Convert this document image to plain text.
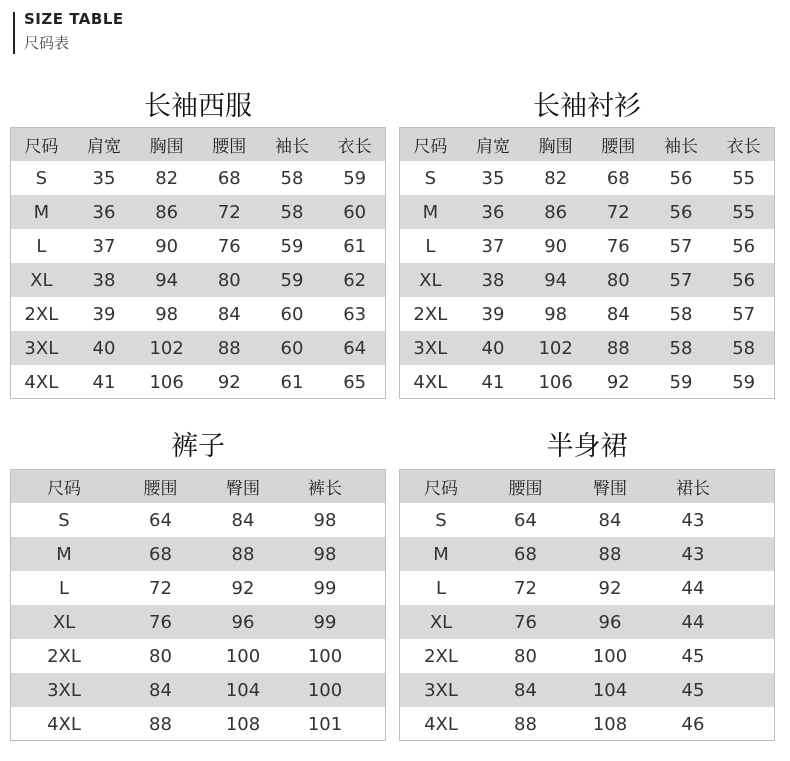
SIZE TABLE
尺码表
长袖西服
尺码	肩宽	胸围	腰围	袖长	衣长
S	35	82	68	58	59
M	36	86	72	58	60
L	37	90	76	59	61
XL	38	94	80	59	62
2XL	39	98	84	60	63
3XL	40	102	88	60	64
4XL	41	106	92	61	65
长袖衬衫
尺码	肩宽	胸围	腰围	袖长	衣长
S	35	82	68	56	55
M	36	86	72	56	55
L	37	90	76	57	56
XL	38	94	80	57	56
2XL	39	98	84	58	57
3XL	40	102	88	58	58
4XL	41	106	92	59	59
裤子
尺码	腰围	臀围	裤长	
S	64	84	98	
M	68	88	98	
L	72	92	99	
XL	76	96	99	
2XL	80	100	100	
3XL	84	104	100	
4XL	88	108	101	
半身裙
尺码	腰围	臀围	裙长	
S	64	84	43	
M	68	88	43	
L	72	92	44	
XL	76	96	44	
2XL	80	100	45	
3XL	84	104	45	
4XL	88	108	46	
